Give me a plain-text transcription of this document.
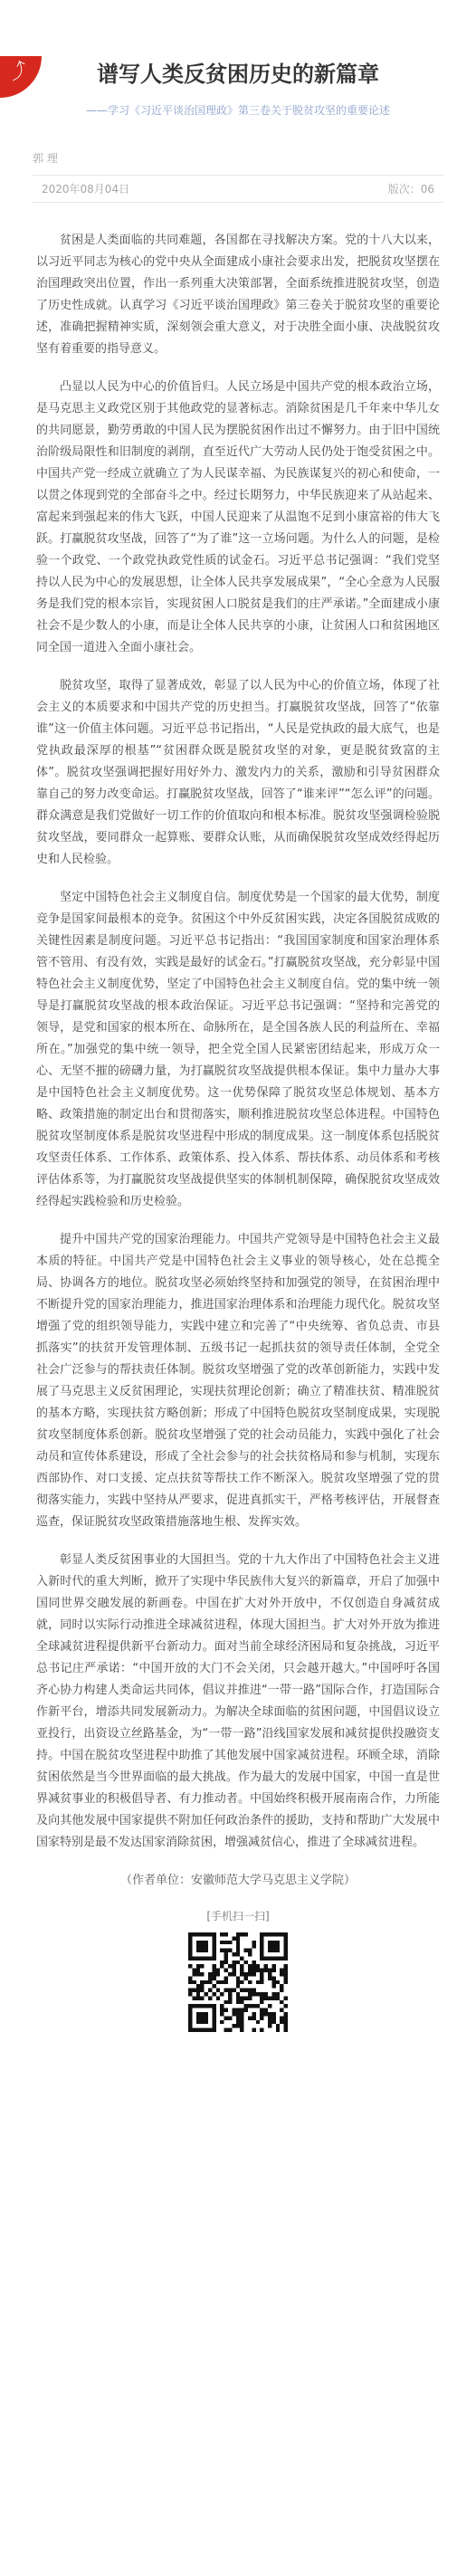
⤴	谱写人类反贫困历史的新篇章
——学习《习近平谈治国理政》第三卷关于脱贫攻坚的重要论述
郭 理
2020年08月04日	版次：06

贫困是人类面临的共同难题，各国都在寻找解决方案。党的十八大以来，以习近平同志为核心的党中央从全面建成小康社会要求出发，把脱贫攻坚摆在治国理政突出位置，作出一系列重大决策部署，全面系统推进脱贫攻坚，创造了历史性成就。认真学习《习近平谈治国理政》第三卷关于脱贫攻坚的重要论述，准确把握精神实质，深刻领会重大意义，对于决胜全面小康、决战脱贫攻坚有着重要的指导意义。

凸显以人民为中心的价值旨归。人民立场是中国共产党的根本政治立场，是马克思主义政党区别于其他政党的显著标志。消除贫困是几千年来中华儿女的共同愿景，勤劳勇敢的中国人民为摆脱贫困作出过不懈努力。由于旧中国统治阶级局限性和旧制度的剥削，直至近代广大劳动人民仍处于饱受贫困之中。中国共产党一经成立就确立了为人民谋幸福、为民族谋复兴的初心和使命，一以贯之体现到党的全部奋斗之中。经过长期努力，中华民族迎来了从站起来、富起来到强起来的伟大飞跃，中国人民迎来了从温饱不足到小康富裕的伟大飞跃。打赢脱贫攻坚战，回答了“为了谁”这一立场问题。为什么人的问题，是检验一个政党、一个政党执政党性质的试金石。习近平总书记强调：“我们党坚持以人民为中心的发展思想，让全体人民共享发展成果”，“全心全意为人民服务是我们党的根本宗旨，实现贫困人口脱贫是我们的庄严承诺。”全面建成小康社会不是少数人的小康，而是让全体人民共享的小康，让贫困人口和贫困地区同全国一道进入全面小康社会。

脱贫攻坚，取得了显著成效，彰显了以人民为中心的价值立场，体现了社会主义的本质要求和中国共产党的历史担当。打赢脱贫攻坚战，回答了“依靠谁”这一价值主体问题。习近平总书记指出，“人民是党执政的最大底气，也是党执政最深厚的根基”“贫困群众既是脱贫攻坚的对象，更是脱贫致富的主体”。脱贫攻坚强调把握好用好外力、激发内力的关系，激励和引导贫困群众靠自己的努力改变命运。打赢脱贫攻坚战，回答了“谁来评”“怎么评”的问题。群众满意是我们党做好一切工作的价值取向和根本标准。脱贫攻坚强调检验脱贫攻坚战，要同群众一起算账、要群众认账，从而确保脱贫攻坚成效经得起历史和人民检验。

坚定中国特色社会主义制度自信。制度优势是一个国家的最大优势，制度竞争是国家间最根本的竞争。贫困这个中外反贫困实践，决定各国脱贫成败的关键性因素是制度问题。习近平总书记指出：“我国国家制度和国家治理体系管不管用、有没有效，实践是最好的试金石。”打赢脱贫攻坚战，充分彰显中国特色社会主义制度优势，坚定了中国特色社会主义制度自信。党的集中统一领导是打赢脱贫攻坚战的根本政治保证。习近平总书记强调：“坚持和完善党的领导，是党和国家的根本所在、命脉所在，是全国各族人民的利益所在、幸福所在。”加强党的集中统一领导，把全党全国人民紧密团结起来，形成万众一心、无坚不摧的磅礴力量，为打赢脱贫攻坚战提供根本保证。集中力量办大事是中国特色社会主义制度优势。这一优势保障了脱贫攻坚总体规划、基本方略、政策措施的制定出台和贯彻落实，顺利推进脱贫攻坚总体进程。中国特色脱贫攻坚制度体系是脱贫攻坚进程中形成的制度成果。这一制度体系包括脱贫攻坚责任体系、工作体系、政策体系、投入体系、帮扶体系、动员体系和考核评估体系等，为打赢脱贫攻坚战提供坚实的体制机制保障，确保脱贫攻坚成效经得起实践检验和历史检验。

提升中国共产党的国家治理能力。中国共产党领导是中国特色社会主义最本质的特征。中国共产党是中国特色社会主义事业的领导核心，处在总揽全局、协调各方的地位。脱贫攻坚必须始终坚持和加强党的领导，在贫困治理中不断提升党的国家治理能力，推进国家治理体系和治理能力现代化。脱贫攻坚增强了党的组织领导能力，实践中建立和完善了“中央统筹、省负总责、市县抓落实”的扶贫开发管理体制、五级书记一起抓扶贫的领导责任体制，全党全社会广泛参与的帮扶责任体制。脱贫攻坚增强了党的改革创新能力，实践中发展了马克思主义反贫困理论，实现扶贫理论创新；确立了精准扶贫、精准脱贫的基本方略，实现扶贫方略创新；形成了中国特色脱贫攻坚制度成果，实现脱贫攻坚制度体系创新。脱贫攻坚增强了党的社会动员能力，实践中强化了社会动员和宣传体系建设，形成了全社会参与的社会扶贫格局和参与机制，实现东西部协作、对口支援、定点扶贫等帮扶工作不断深入。脱贫攻坚增强了党的贯彻落实能力，实践中坚持从严要求，促进真抓实干，严格考核评估，开展督查巡查，保证脱贫攻坚政策措施落地生根、发挥实效。

彰显人类反贫困事业的大国担当。党的十九大作出了中国特色社会主义进入新时代的重大判断，掀开了实现中华民族伟大复兴的新篇章，开启了加强中国同世界交融发展的新画卷。中国在扩大对外开放中，不仅创造自身减贫成就，同时以实际行动推进全球减贫进程，体现大国担当。扩大对外开放为推进全球减贫进程提供新平台新动力。面对当前全球经济困局和复杂挑战，习近平总书记庄严承诺：“中国开放的大门不会关闭，只会越开越大。”中国呼吁各国齐心协力构建人类命运共同体，倡议并推进“一带一路”国际合作，打造国际合作新平台，增添共同发展新动力。为解决全球面临的贫困问题，中国倡议设立亚投行，出资设立丝路基金，为“一带一路”沿线国家发展和减贫提供投融资支持。中国在脱贫攻坚进程中助推了其他发展中国家减贫进程。环顾全球，消除贫困依然是当今世界面临的最大挑战。作为最大的发展中国家，中国一直是世界减贫事业的积极倡导者、有力推动者。中国始终积极开展南南合作，力所能及向其他发展中国家提供不附加任何政治条件的援助，支持和帮助广大发展中国家特别是最不发达国家消除贫困，增强减贫信心，推进了全球减贫进程。

（作者单位：安徽师范大学马克思主义学院）

[手机扫一扫]
